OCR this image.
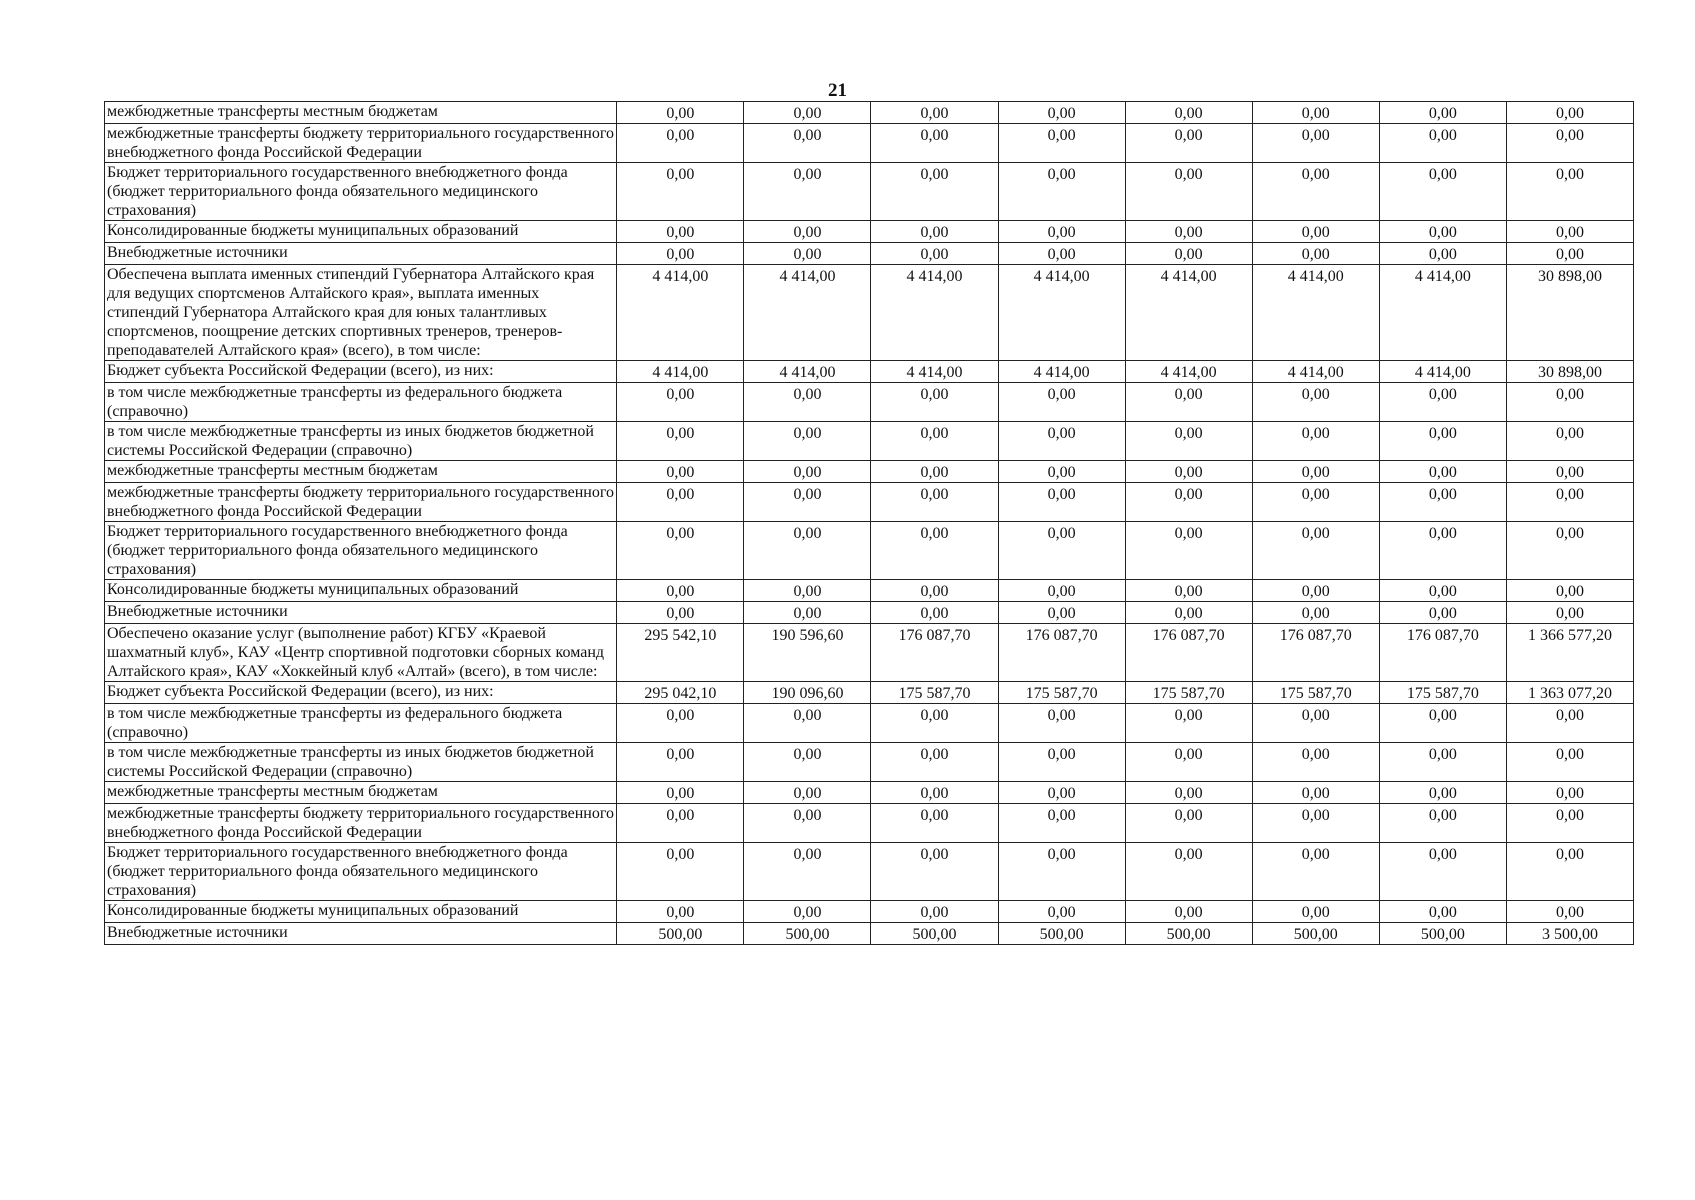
21
межбюджетные трансферты местным бюджетам	0,00	0,00	0,00	0,00	0,00	0,00	0,00	0,00
межбюджетные трансферты бюджету территориального государственного внебюджетного фонда Российской Федерации	0,00	0,00	0,00	0,00	0,00	0,00	0,00	0,00
Бюджет территориального государственного внебюджетного фонда (бюджет территориального фонда обязательного медицинского страхования)	0,00	0,00	0,00	0,00	0,00	0,00	0,00	0,00
Консолидированные бюджеты муниципальных образований	0,00	0,00	0,00	0,00	0,00	0,00	0,00	0,00
Внебюджетные источники	0,00	0,00	0,00	0,00	0,00	0,00	0,00	0,00
Обеспечена выплата именных стипендий Губернатора Алтайского края для ведущих спортсменов Алтайского края», выплата именных стипендий Губернатора Алтайского края для юных талантливых спортсменов, поощрение детских спортивных тренеров, тренеров-преподавателей Алтайского края» (всего), в том числе:	4 414,00	4 414,00	4 414,00	4 414,00	4 414,00	4 414,00	4 414,00	30 898,00
Бюджет субъекта Российской Федерации (всего), из них:	4 414,00	4 414,00	4 414,00	4 414,00	4 414,00	4 414,00	4 414,00	30 898,00
в том числе межбюджетные трансферты из федерального бюджета (справочно)	0,00	0,00	0,00	0,00	0,00	0,00	0,00	0,00
в том числе межбюджетные трансферты из иных бюджетов бюджетной системы Российской Федерации (справочно)	0,00	0,00	0,00	0,00	0,00	0,00	0,00	0,00
межбюджетные трансферты местным бюджетам	0,00	0,00	0,00	0,00	0,00	0,00	0,00	0,00
межбюджетные трансферты бюджету территориального государственного внебюджетного фонда Российской Федерации	0,00	0,00	0,00	0,00	0,00	0,00	0,00	0,00
Бюджет территориального государственного внебюджетного фонда (бюджет территориального фонда обязательного медицинского страхования)	0,00	0,00	0,00	0,00	0,00	0,00	0,00	0,00
Консолидированные бюджеты муниципальных образований	0,00	0,00	0,00	0,00	0,00	0,00	0,00	0,00
Внебюджетные источники	0,00	0,00	0,00	0,00	0,00	0,00	0,00	0,00
Обеспечено оказание услуг (выполнение работ) КГБУ «Краевой шахматный клуб», КАУ «Центр спортивной подготовки сборных команд Алтайского края», КАУ «Хоккейный клуб «Алтай» (всего), в том числе:	295 542,10	190 596,60	176 087,70	176 087,70	176 087,70	176 087,70	176 087,70	1 366 577,20
Бюджет субъекта Российской Федерации (всего), из них:	295 042,10	190 096,60	175 587,70	175 587,70	175 587,70	175 587,70	175 587,70	1 363 077,20
в том числе межбюджетные трансферты из федерального бюджета (справочно)	0,00	0,00	0,00	0,00	0,00	0,00	0,00	0,00
в том числе межбюджетные трансферты из иных бюджетов бюджетной системы Российской Федерации (справочно)	0,00	0,00	0,00	0,00	0,00	0,00	0,00	0,00
межбюджетные трансферты местным бюджетам	0,00	0,00	0,00	0,00	0,00	0,00	0,00	0,00
межбюджетные трансферты бюджету территориального государственного внебюджетного фонда Российской Федерации	0,00	0,00	0,00	0,00	0,00	0,00	0,00	0,00
Бюджет территориального государственного внебюджетного фонда (бюджет территориального фонда обязательного медицинского страхования)	0,00	0,00	0,00	0,00	0,00	0,00	0,00	0,00
Консолидированные бюджеты муниципальных образований	0,00	0,00	0,00	0,00	0,00	0,00	0,00	0,00
Внебюджетные источники	500,00	500,00	500,00	500,00	500,00	500,00	500,00	3 500,00
